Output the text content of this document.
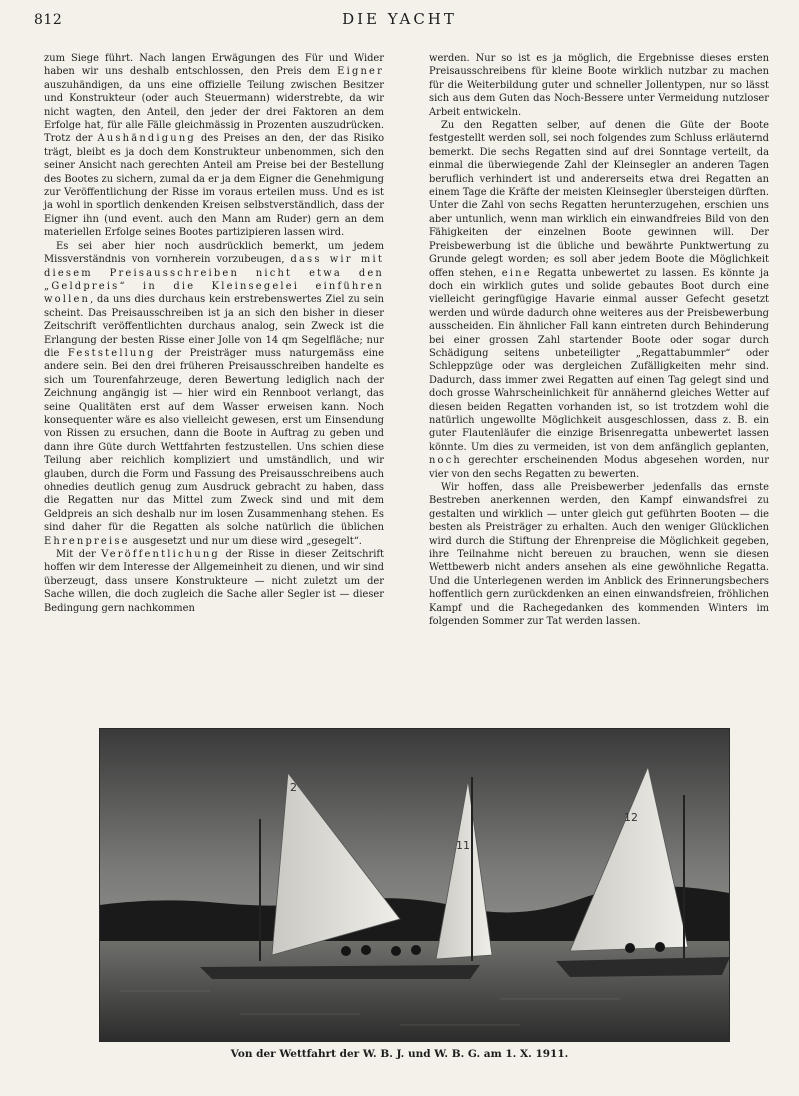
812	DIE YACHT

zum Siege führt. Nach langen Erwägungen des Für und Wider haben wir uns deshalb entschlossen, den Preis dem Eigner auszuhändigen, da uns eine offizielle Teilung zwischen Besitzer und Konstrukteur (oder auch Steuermann) widerstrebte, da wir nicht wagten, den Anteil, den jeder der drei Faktoren an dem Erfolge hat, für alle Fälle gleichmässig in Prozenten auszudrücken. Trotz der Aushändigung des Preises an den, der das Risiko trägt, bleibt es ja doch dem Konstrukteur unbenommen, sich den seiner Ansicht nach gerechten Anteil am Preise bei der Bestellung des Bootes zu sichern, zumal da er ja dem Eigner die Genehmigung zur Veröffentlichung der Risse im voraus erteilen muss. Und es ist ja wohl in sportlich denkenden Kreisen selbstverständlich, dass der Eigner ihn (und event. auch den Mann am Ruder) gern an dem materiellen Erfolge seines Bootes partizipieren lassen wird.

Es sei aber hier noch ausdrücklich bemerkt, um jedem Missverständnis von vornherein vorzubeugen, dass wir mit diesem Preisausschreiben nicht etwa den „Geldpreis“ in die Kleinsegelei einführen wollen, da uns dies durchaus kein erstrebenswertes Ziel zu sein scheint. Das Preisausschreiben ist ja an sich den bisher in dieser Zeitschrift veröffentlichten durchaus analog, sein Zweck ist die Erlangung der besten Risse einer Jolle von 14 qm Segelfläche; nur die Feststellung der Preisträger muss naturgemäss eine andere sein. Bei den drei früheren Preisausschreiben handelte es sich um Tourenfahrzeuge, deren Bewertung lediglich nach der Zeichnung angängig ist — hier wird ein Rennboot verlangt, das seine Qualitäten erst auf dem Wasser erweisen kann. Noch konsequenter wäre es also vielleicht gewesen, erst um Einsendung von Rissen zu ersuchen, dann die Boote in Auftrag zu geben und dann ihre Güte durch Wettfahrten festzustellen. Uns schien diese Teilung aber reichlich kompliziert und umständlich, und wir glauben, durch die Form und Fassung des Preisausschreibens auch ohnedies deutlich genug zum Ausdruck gebracht zu haben, dass die Regatten nur das Mittel zum Zweck sind und mit dem Geldpreis an sich deshalb nur im losen Zusammenhang stehen. Es sind daher für die Regatten als solche natürlich die üblichen Ehrenpreise ausgesetzt und nur um diese wird „gesegelt“.

Mit der Veröffentlichung der Risse in dieser Zeitschrift hoffen wir dem Interesse der Allgemeinheit zu dienen, und wir sind überzeugt, dass unsere Konstrukteure — nicht zuletzt um der Sache willen, die doch zugleich die Sache aller Segler ist — dieser Bedingung gern nachkommen

werden. Nur so ist es ja möglich, die Ergebnisse dieses ersten Preisausschreibens für kleine Boote wirklich nutzbar zu machen für die Weiterbildung guter und schneller Jollentypen, nur so lässt sich aus dem Guten das Noch-Bessere unter Vermeidung nutzloser Arbeit entwickeln.

Zu den Regatten selber, auf denen die Güte der Boote festgestellt werden soll, sei noch folgendes zum Schluss erläuternd bemerkt. Die sechs Regatten sind auf drei Sonntage verteilt, da einmal die überwiegende Zahl der Kleinsegler an anderen Tagen beruflich verhindert ist und andererseits etwa drei Regatten an einem Tage die Kräfte der meisten Kleinsegler übersteigen dürften. Unter die Zahl von sechs Regatten herunterzugehen, erschien uns aber untunlich, wenn man wirklich ein einwandfreies Bild von den Fähigkeiten der einzelnen Boote gewinnen will. Der Preisbewerbung ist die übliche und bewährte Punktwertung zu Grunde gelegt worden; es soll aber jedem Boote die Möglichkeit offen stehen, eine Regatta unbewertet zu lassen. Es könnte ja doch ein wirklich gutes und solide gebautes Boot durch eine vielleicht geringfügige Havarie einmal ausser Gefecht gesetzt werden und würde dadurch ohne weiteres aus der Preisbewerbung ausscheiden. Ein ähnlicher Fall kann eintreten durch Behinderung bei einer grossen Zahl startender Boote oder sogar durch Schädigung seitens unbeteiligter „Regattabummler“ oder Schleppzüge oder was dergleichen Zufälligkeiten mehr sind. Dadurch, dass immer zwei Regatten auf einen Tag gelegt sind und doch grosse Wahrscheinlichkeit für annähernd gleiches Wetter auf diesen beiden Regatten vorhanden ist, so ist trotzdem wohl die natürlich ungewollte Möglichkeit ausgeschlossen, dass z. B. ein guter Flautenläufer die einzige Brisenregatta unbewertet lassen könnte. Um dies zu vermeiden, ist von dem anfänglich geplanten, noch gerechter erscheinenden Modus abgesehen worden, nur vier von den sechs Regatten zu bewerten.

Wir hoffen, dass alle Preisbewerber jedenfalls das ernste Bestreben anerkennen werden, den Kampf einwandsfrei zu gestalten und wirklich — unter gleich gut geführten Booten — die besten als Preisträger zu erhalten. Auch den weniger Glücklichen wird durch die Stiftung der Ehrenpreise die Möglichkeit gegeben, ihre Teilnahme nicht bereuen zu brauchen, wenn sie diesen Wettbewerb nicht anders ansehen als eine gewöhnliche Regatta. Und die Unterlegenen werden im Anblick des Erinnerungsbechers hoffentlich gern zurückdenken an einen einwandsfreien, fröhlichen Kampf und die Rachegedanken des kommenden Winters im folgenden Sommer zur Tat werden lassen.

2
11
12
Von der Wettfahrt der W. B. J. und W. B. G. am 1. X. 1911.
